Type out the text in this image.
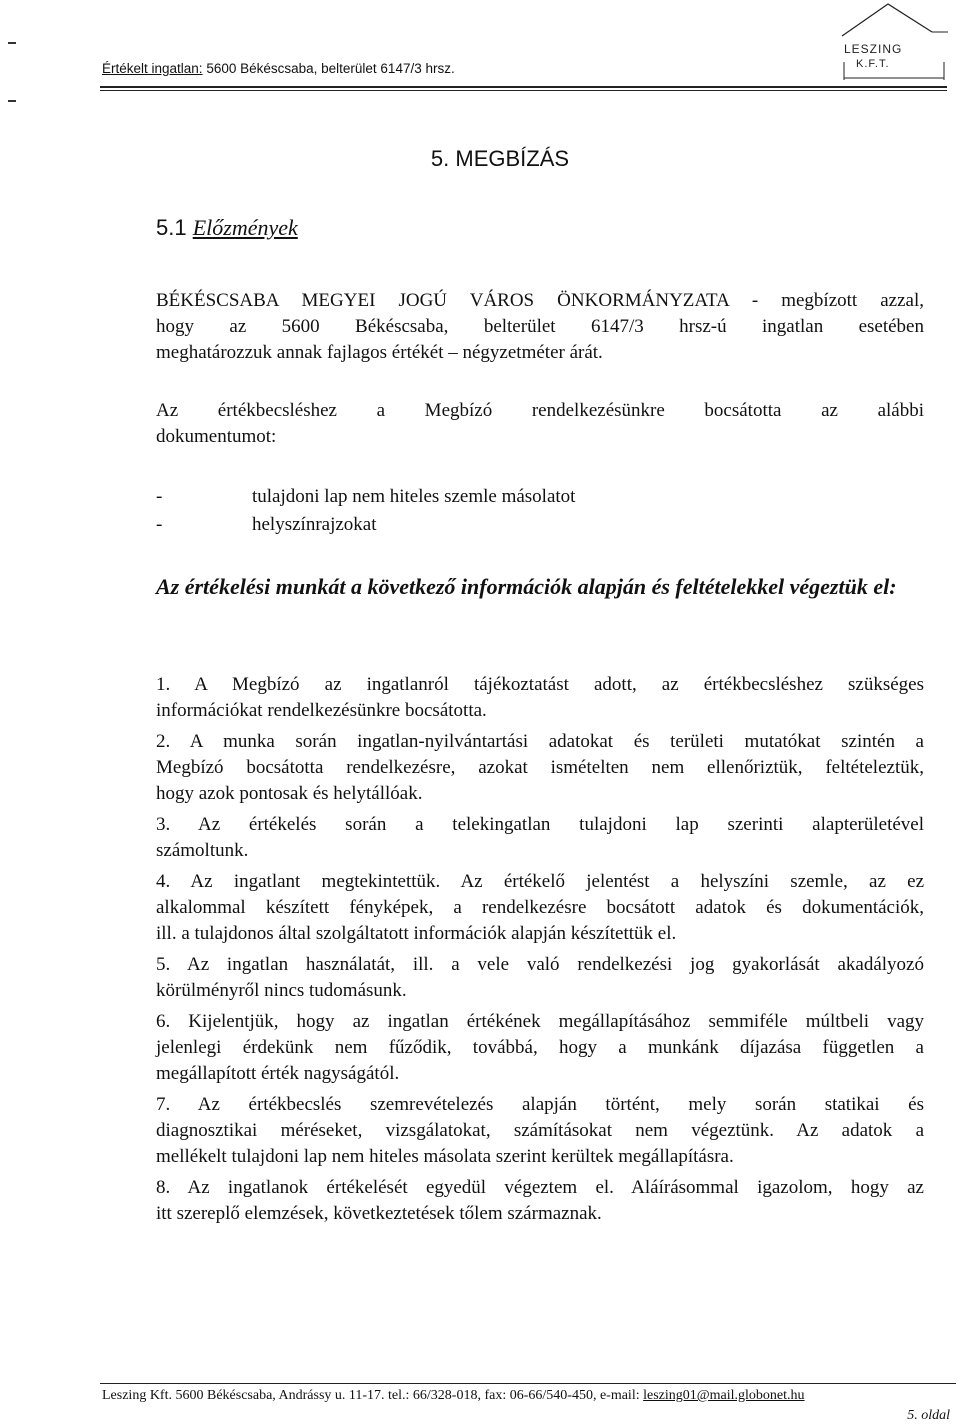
Értékelt ingatlan: 5600 Békéscsaba, belterület 6147/3 hrsz.
LESZING
K.F.T.
5. MEGBÍZÁS
5.1 Előzmények
BÉKÉSCSABA MEGYEI JOGÚ VÁROS ÖNKORMÁNYZATA - megbízott azzal,
hogy az 5600 Békéscsaba, belterület 6147/3 hrsz-ú ingatlan esetében
meghatározzuk annak fajlagos értékét – négyzetméter árát.
Az értékbecsléshez a Megbízó rendelkezésünkre bocsátotta az alábbi
dokumentumot:
-	tulajdoni lap nem hiteles szemle másolatot
-	helyszínrajzokat
Az értékelési munkát a következő információk alapján és feltételekkel végeztük el:
1. A Megbízó az ingatlanról tájékoztatást adott, az értékbecsléshez szükséges
információkat rendelkezésünkre bocsátotta.
2. A munka során ingatlan-nyilvántartási adatokat és területi mutatókat szintén a
Megbízó bocsátotta rendelkezésre, azokat ismételten nem ellenőriztük, feltételeztük,
hogy azok pontosak és helytállóak.
3. Az értékelés során a telekingatlan tulajdoni lap szerinti alapterületével
számoltunk.
4. Az ingatlant megtekintettük. Az értékelő jelentést a helyszíni szemle, az ez
alkalommal készített fényképek, a rendelkezésre bocsátott adatok és dokumentációk,
ill. a tulajdonos által szolgáltatott információk alapján készítettük el.
5. Az ingatlan használatát, ill. a vele való rendelkezési jog gyakorlását akadályozó
körülményről nincs tudomásunk.
6. Kijelentjük, hogy az ingatlan értékének megállapításához semmiféle múltbeli vagy
jelenlegi érdekünk nem fűződik, továbbá, hogy a munkánk díjazása független a
megállapított érték nagyságától.
7. Az értékbecslés szemrevételezés alapján történt, mely során statikai és
diagnosztikai méréseket, vizsgálatokat, számításokat nem végeztünk. Az adatok a
mellékelt tulajdoni lap nem hiteles másolata szerint kerültek megállapításra.
8. Az ingatlanok értékelését egyedül végeztem el. Aláírásommal igazolom, hogy az
itt szereplő elemzések, következtetések tőlem származnak.
Leszing Kft. 5600 Békéscsaba, Andrássy u. 11-17. tel.: 66/328-018, fax: 06-66/540-450, e-mail: leszing01@mail.globonet.hu
5. oldal
